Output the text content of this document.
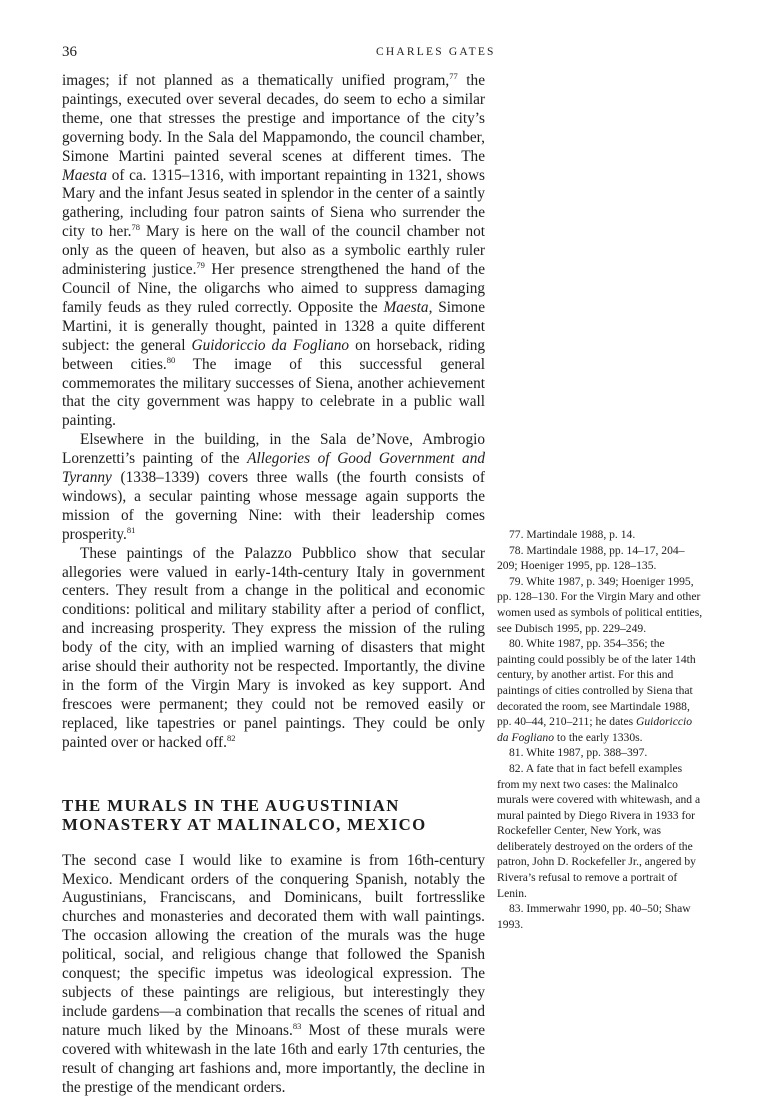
36	CHARLES GATES

images; if not planned as a thematically unified program,$^{77}$ the paintings, executed over several decades, do seem to echo a similar theme, one that stresses the prestige and importance of the city’s governing body. In the Sala del Mappamondo, the council chamber, Simone Martini painted several scenes at different times. The Maesta of ca. 1315–1316, with important repainting in 1321, shows Mary and the infant Jesus seated in splendor in the center of a saintly gathering, including four patron saints of Siena who surrender the city to her.$^{78}$ Mary is here on the wall of the council chamber not only as the queen of heaven, but also as a symbolic earthly ruler administering justice.$^{79}$ Her presence strengthened the hand of the Council of Nine, the oligarchs who aimed to suppress damaging family feuds as they ruled correctly. Opposite the Maesta, Simone Martini, it is generally thought, painted in 1328 a quite different subject: the general Guidoriccio da Fogliano on horseback, riding between cities.$^{80}$ The image of this successful general commemorates the military successes of Siena, another achievement that the city government was happy to celebrate in a public wall painting.

Elsewhere in the building, in the Sala de’Nove, Ambrogio Lorenzetti’s painting of the Allegories of Good Government and Tyranny (1338–1339) covers three walls (the fourth consists of windows), a secular painting whose message again supports the mission of the governing Nine: with their leadership comes prosperity.$^{81}$

These paintings of the Palazzo Pubblico show that secular allegories were valued in early-14th-century Italy in government centers. They result from a change in the political and economic conditions: political and military stability after a period of conflict, and increasing prosperity. They express the mission of the ruling body of the city, with an implied warning of disasters that might arise should their authority not be respected. Importantly, the divine in the form of the Virgin Mary is invoked as key support. And frescoes were permanent; they could not be removed easily or replaced, like tapestries or panel paintings. They could be only painted over or hacked off.$^{82}$

THE MURALS IN THE AUGUSTINIAN MONASTERY AT MALINALCO, MEXICO

The second case I would like to examine is from 16th-century Mexico. Mendicant orders of the conquering Spanish, notably the Augustinians, Franciscans, and Dominicans, built fortresslike churches and monasteries and decorated them with wall paintings. The occasion allowing the creation of the murals was the huge political, social, and religious change that followed the Spanish conquest; the specific impetus was ideological expression. The subjects of these paintings are religious, but interestingly they include gardens—a combination that recalls the scenes of ritual and nature much liked by the Minoans.$^{83}$ Most of these murals were covered with whitewash in the late 16th and early 17th centuries, the result of changing art fashions and, more importantly, the decline in the prestige of the mendicant orders.

77. Martindale 1988, p. 14.

78. Martindale 1988, pp. 14–17, 204–209; Hoeniger 1995, pp. 128–135.

79. White 1987, p. 349; Hoeniger 1995, pp. 128–130. For the Virgin Mary and other women used as symbols of political entities, see Dubisch 1995, pp. 229–249.

80. White 1987, pp. 354–356; the painting could possibly be of the later 14th century, by another artist. For this and paintings of cities controlled by Siena that decorated the room, see Martindale 1988, pp. 40–44, 210–211; he dates Guidoriccio da Fogliano to the early 1330s.

81. White 1987, pp. 388–397.

82. A fate that in fact befell examples from my next two cases: the Malinalco murals were covered with whitewash, and a mural painted by Diego Rivera in 1933 for Rockefeller Center, New York, was deliberately destroyed on the orders of the patron, John D. Rockefeller Jr., angered by Rivera’s refusal to remove a portrait of Lenin.

83. Immerwahr 1990, pp. 40–50; Shaw 1993.
